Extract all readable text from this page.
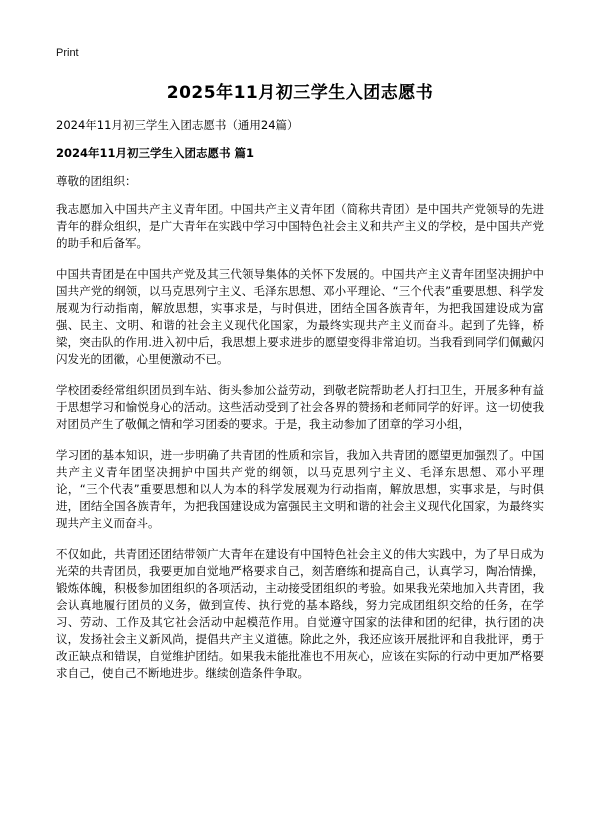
Print
2025年11月初三学生入团志愿书
2024年11月初三学生入团志愿书（通用24篇）
2024年11月初三学生入团志愿书 篇1
尊敬的团组织：

我志愿加入中国共产主义青年团。中国共产主义青年团（简称共青团）是中国共产党领导的先进青年的群众组织，是广大青年在实践中学习中国特色社会主义和共产主义的学校，是中国共产党的助手和后备军。

中国共青团是在中国共产党及其三代领导集体的关怀下发展的。中国共产主义青年团坚决拥护中国共产党的纲领，以马克思列宁主义、毛泽东思想、邓小平理论、“三个代表”重要思想、科学发展观为行动指南，解放思想，实事求是，与时俱进，团结全国各族青年，为把我国建设成为富强、民主、文明、和谐的社会主义现代化国家，为最终实现共产主义而奋斗。起到了先锋，桥梁，突击队的作用.进入初中后，我思想上要求进步的愿望变得非常迫切。当我看到同学们佩戴闪闪发光的团徽，心里便激动不已。

学校团委经常组织团员到车站、街头参加公益劳动，到敬老院帮助老人打扫卫生，开展多种有益于思想学习和愉悦身心的活动。这些活动受到了社会各界的赞扬和老师同学的好评。这一切使我对团员产生了敬佩之情和学习团委的要求。于是，我主动参加了团章的学习小组，

学习团的基本知识，进一步明确了共青团的性质和宗旨，我加入共青团的愿望更加强烈了。中国共产主义青年团坚决拥护中国共产党的纲领，以马克思列宁主义、毛泽东思想、邓小平理论，“三个代表”重要思想和以人为本的科学发展观为行动指南，解放思想，实事求是，与时俱进，团结全国各族青年，为把我国建设成为富强民主文明和谐的社会主义现代化国家，为最终实现共产主义而奋斗。

不仅如此，共青团还团结带领广大青年在建设有中国特色社会主义的伟大实践中，为了早日成为光荣的共青团员，我要更加自觉地严格要求自己，刻苦磨练和提高自己，认真学习，陶冶情操，锻炼体魄，积极参加团组织的各项活动，主动接受团组织的考验。如果我光荣地加入共青团，我会认真地履行团员的义务，做到宣传、执行党的基本路线，努力完成团组织交给的任务，在学习、劳动、工作及其它社会活动中起模范作用。自觉遵守国家的法律和团的纪律，执行团的决议，发扬社会主义新风尚，提倡共产主义道德。除此之外，我还应该开展批评和自我批评，勇于改正缺点和错误，自觉维护团结。如果我未能批准也不用灰心，应该在实际的行动中更加严格要求自己，使自己不断地进步。继续创造条件争取。
